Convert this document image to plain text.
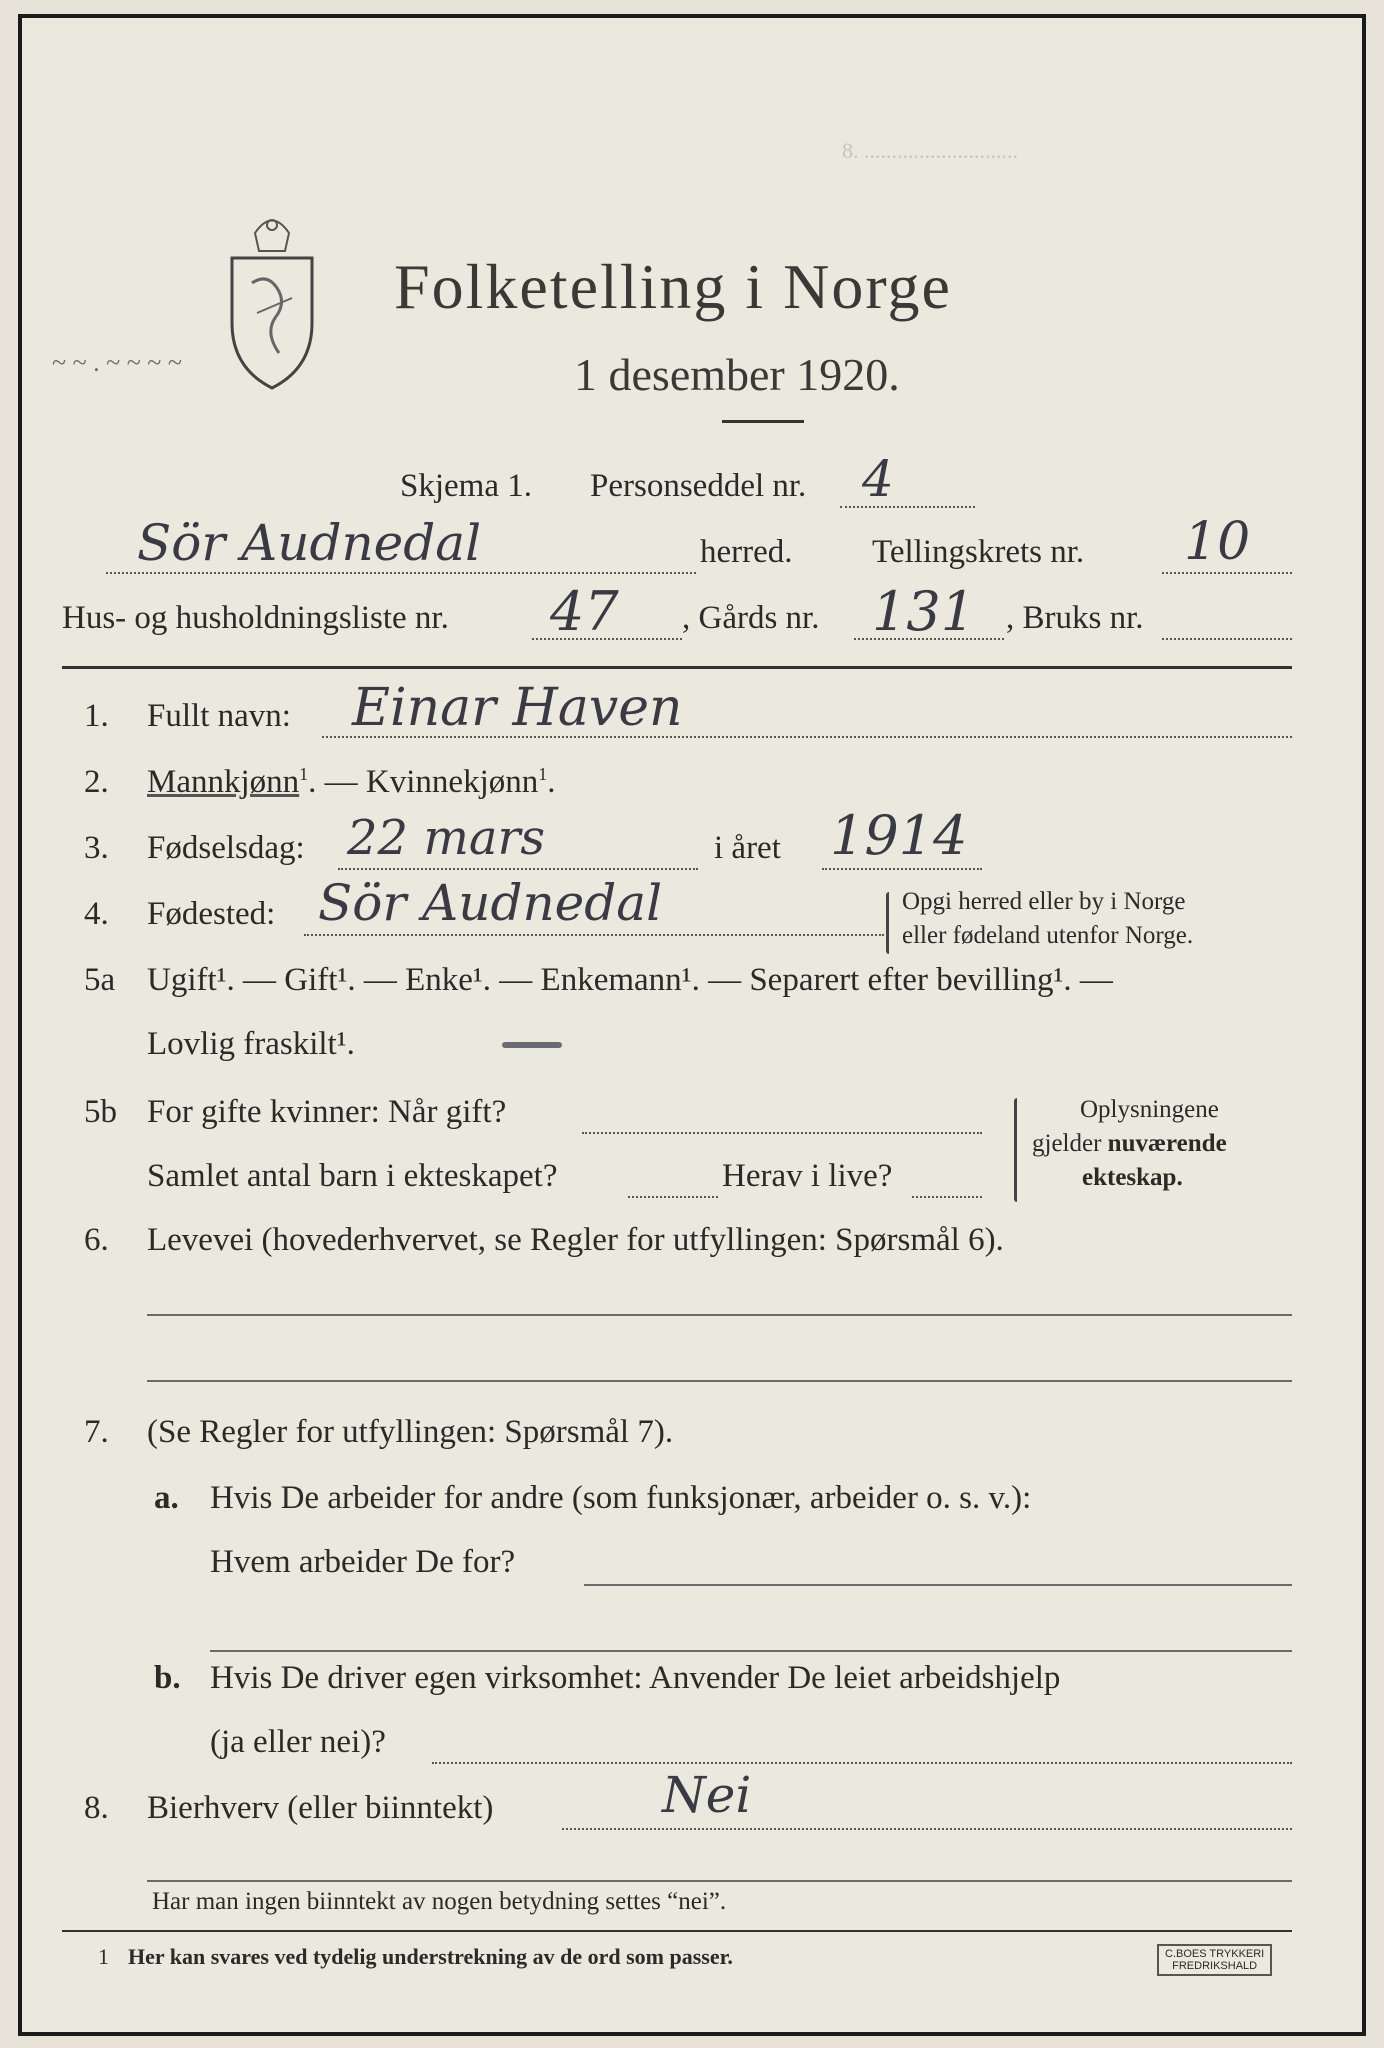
8. ............................
~ ~ . ~ ~ ~ ~
Folketelling i Norge
1 desember 1920.
Skjema 1. Personseddel nr. 4
Sör Audnedal	herred. Tellingskrets nr. 10
Hus- og husholdningsliste nr. 47 , Gårds nr. 131 , Bruks nr.
1. Fullt navn: Einar Haven
2. Mannkjønn$^1$. — Kvinnekjønn$^1$.
3. Fødselsdag: 22 mars	i året 1914
4. Fødested: Sör Audnedal	Opgi herred eller by i Norge
eller fødeland utenfor Norge.
5a Ugift¹. — Gift¹. — Enke¹. — Enkemann¹. — Separert efter bevilling¹. —
Lovlig fraskilt¹.
5b For gifte kvinner: Når gift?
Samlet antal barn i ekteskapet?	Herav i live?
Oplysningene
gjelder nuværende
ekteskap.
6. Levevei (hovederhvervet, se Regler for utfyllingen: Spørsmål 6).
7. (Se Regler for utfyllingen: Spørsmål 7).
a. Hvis De arbeider for andre (som funksjonær, arbeider o. s. v.):
Hvem arbeider De for?
b. Hvis De driver egen virksomhet: Anvender De leiet arbeidshjelp
(ja eller nei)?
8. Bierhverv (eller biinntekt)	Nei
Har man ingen biinntekt av nogen betydning settes “nei”.
1 Her kan svares ved tydelig understrekning av de ord som passer.	C.BOES TRYKKERI
FREDRIKSHALD
